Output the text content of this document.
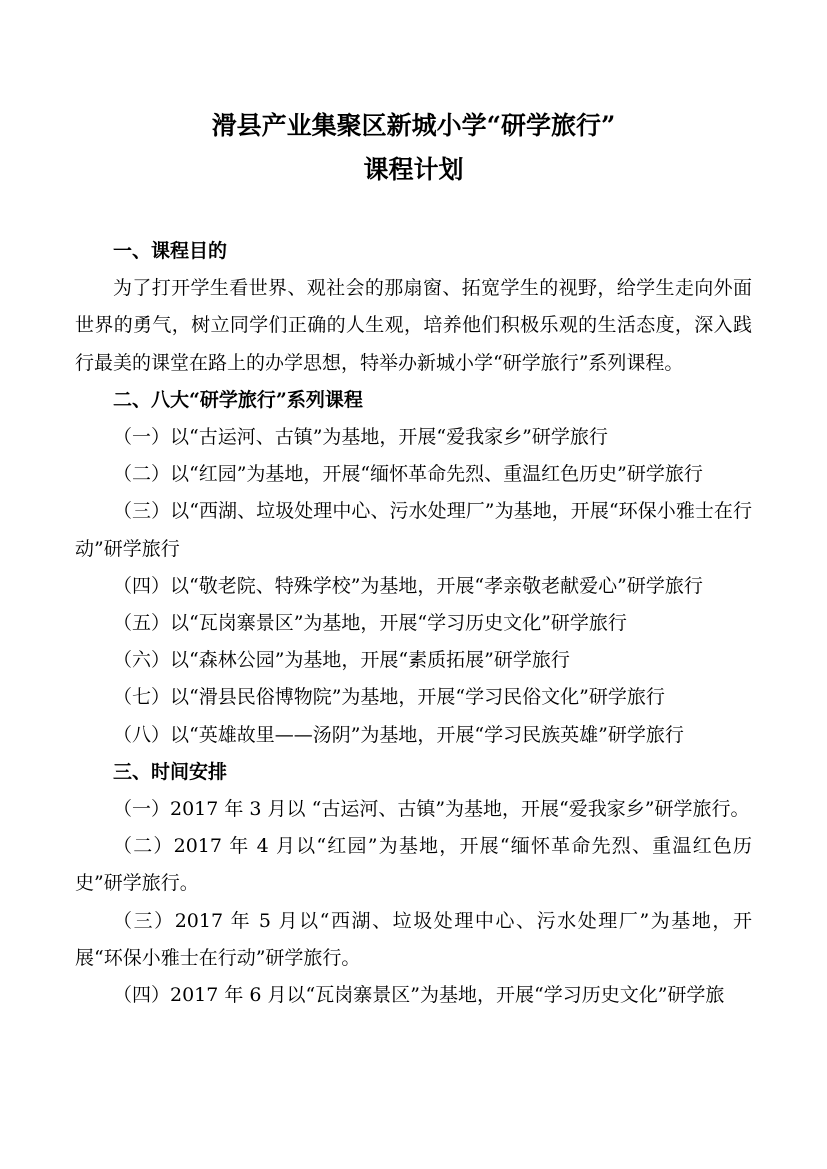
滑县产业集聚区新城小学“研学旅行”
课程计划

一、课程目的

为了打开学生看世界、观社会的那扇窗、拓宽学生的视野，给学生走向外面世界的勇气，树立同学们正确的人生观，培养他们积极乐观的生活态度，深入践行最美的课堂在路上的办学思想，特举办新城小学“研学旅行”系列课程。

二、八大“研学旅行”系列课程

（一）以“古运河、古镇”为基地，开展“爱我家乡”研学旅行

（二）以“红园”为基地，开展“缅怀革命先烈、重温红色历史”研学旅行

（三）以“西湖、垃圾处理中心、污水处理厂”为基地，开展“环保小雅士在行动”研学旅行

（四）以“敬老院、特殊学校”为基地，开展“孝亲敬老献爱心”研学旅行

（五）以“瓦岗寨景区”为基地，开展“学习历史文化”研学旅行

（六）以“森林公园”为基地，开展“素质拓展”研学旅行

（七）以“滑县民俗博物院”为基地，开展“学习民俗文化”研学旅行

（八）以“英雄故里——汤阴”为基地，开展“学习民族英雄”研学旅行

三、时间安排

（一）2017 年 3 月以 “古运河、古镇”为基地，开展“爱我家乡”研学旅行。

（二）2017 年 4 月以“红园”为基地，开展“缅怀革命先烈、重温红色历史”研学旅行。

（三）2017 年 5 月以“西湖、垃圾处理中心、污水处理厂”为基地，开展“环保小雅士在行动”研学旅行。

（四）2017 年 6 月以“瓦岗寨景区”为基地，开展“学习历史文化”研学旅
